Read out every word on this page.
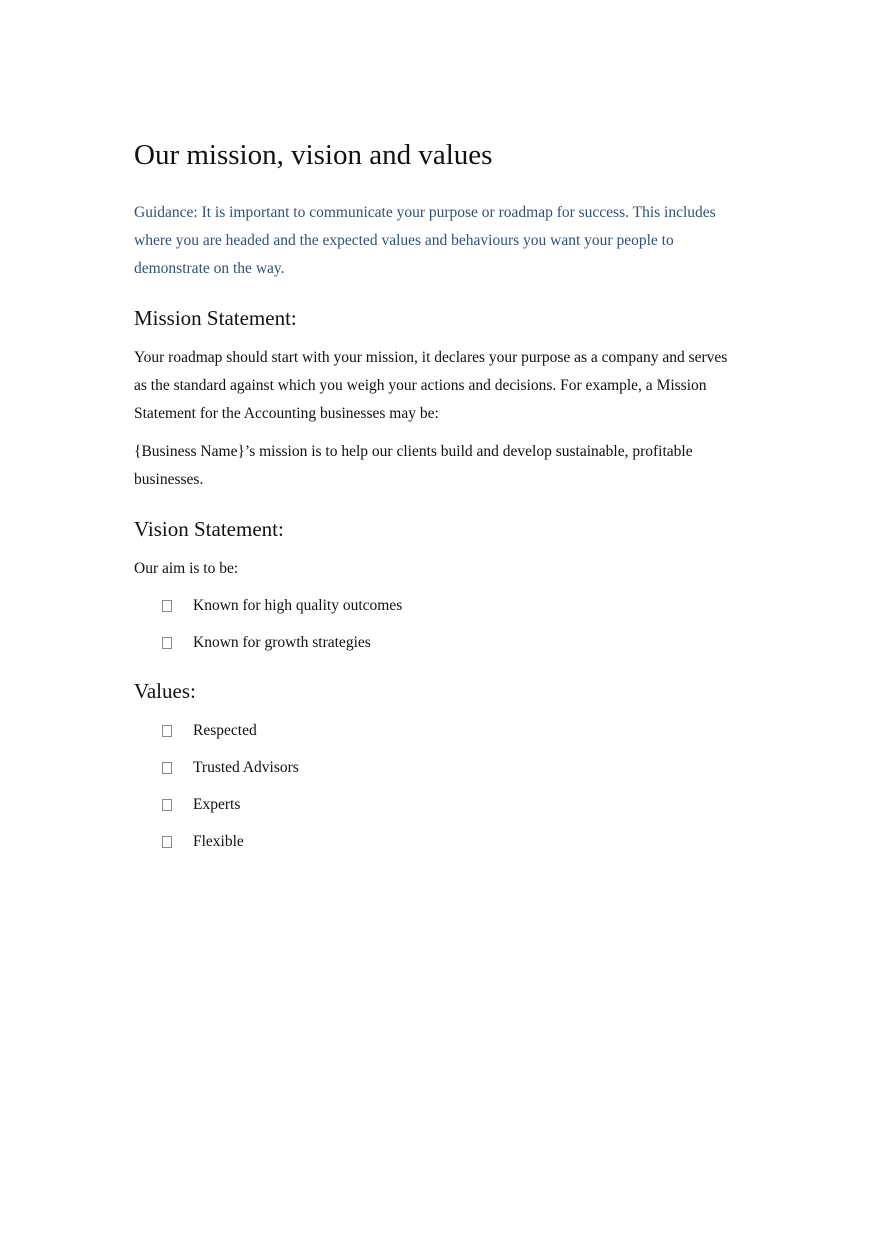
Our mission, vision and values

Guidance: It is important to communicate your purpose or roadmap for success. This includes where you are headed and the expected values and behaviours you want your people to demonstrate on the way.

Mission Statement:

Your roadmap should start with your mission, it declares your purpose as a company and serves as the standard against which you weigh your actions and decisions. For example, a Mission Statement for the Accounting businesses may be:

{Business Name}’s mission is to help our clients build and develop sustainable, profitable businesses.

Vision Statement:

Our aim is to be:

Known for high quality outcomes
Known for growth strategies
Values:
Respected
Trusted Advisors
Experts
Flexible
